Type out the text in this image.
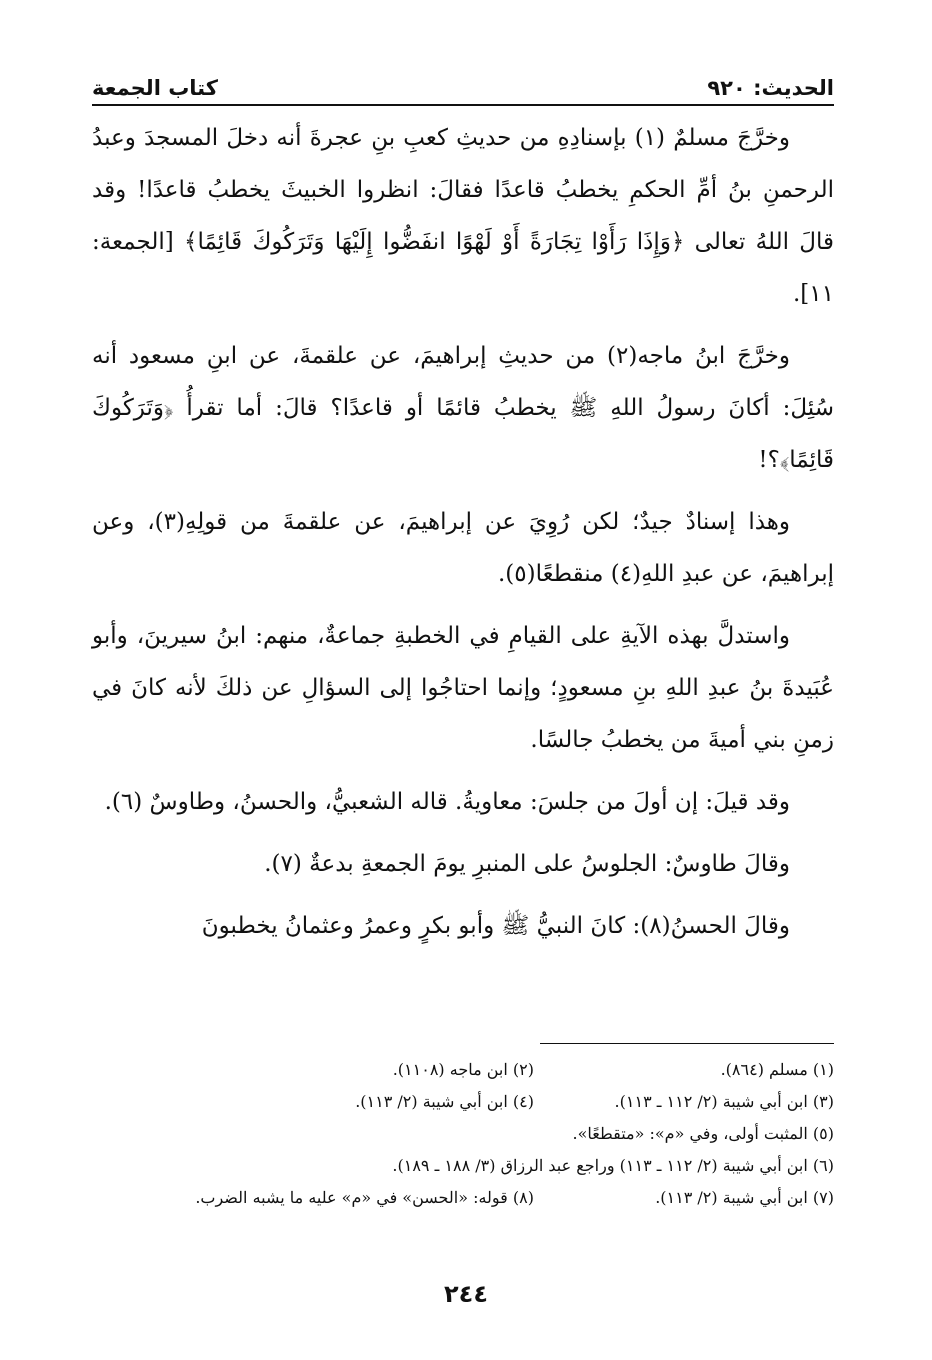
الحديث: ٩٢٠
كتاب الجمعة

وخرَّجَ مسلمٌ (١) بإسنادِهِ من حديثِ كعبِ بنِ عجرةَ أنه دخلَ المسجدَ وعبدُ الرحمنِ بنُ أمِّ الحكمِ يخطبُ قاعدًا فقالَ: انظروا الخبيثَ يخطبُ قاعدًا! وقد قالَ اللهُ تعالى ﴿وَإِذَا رَأَوْا تِجَارَةً أَوْ لَهْوًا انفَضُّوا إِلَيْهَا وَتَرَكُوكَ قَائِمًا﴾ [الجمعة: ١١].

وخرَّجَ ابنُ ماجه(٢) من حديثِ إبراهيمَ، عن علقمةَ، عن ابنِ مسعود أنه سُئِلَ: أكانَ رسولُ اللهِ ﷺ يخطبُ قائمًا أو قاعدًا؟ قالَ: أما تقرأُ ﴿وَتَرَكُوكَ قَائِمًا﴾؟!

وهذا إسنادٌ جيدٌ؛ لكن رُوِيَ عن إبراهيمَ، عن علقمةَ من قولِهِ(٣)، وعن إبراهيمَ، عن عبدِ اللهِ(٤) منقطعًا(٥).

واستدلَّ بهذه الآيةِ على القيامِ في الخطبةِ جماعةٌ، منهم: ابنُ سيرينَ، وأبو عُبَيدةَ بنُ عبدِ اللهِ بنِ مسعودٍ؛ وإنما احتاجُوا إلى السؤالِ عن ذلكَ لأنه كانَ في زمنِ بني أميةَ من يخطبُ جالسًا.

وقد قيلَ: إن أولَ من جلسَ: معاويةُ. قاله الشعبيُّ، والحسنُ، وطاوسٌ (٦).

وقالَ طاوسٌ: الجلوسُ على المنبرِ يومَ الجمعةِ بدعةٌ (٧).

وقالَ الحسنُ(٨): كانَ النبيُّ ﷺ وأبو بكرٍ وعمرُ وعثمانُ يخطبونَ

(١) مسلم (٨٦٤).
(٢) ابن ماجه (١١٠٨).
(٣) ابن أبي شيبة (٢/ ١١٢ ـ ١١٣).
(٤) ابن أبي شيبة (٢/ ١١٣).
(٥) المثبت أولى، وفي «م»: «متقطعًا».
(٦) ابن أبي شيبة (٢/ ١١٢ ـ ١١٣) وراجع عبد الرزاق (٣/ ١٨٨ ـ ١٨٩).
(٧) ابن أبي شيبة (٢/ ١١٣).
(٨) قوله: «الحسن» في «م» عليه ما يشبه الضرب.
٢٤٤
